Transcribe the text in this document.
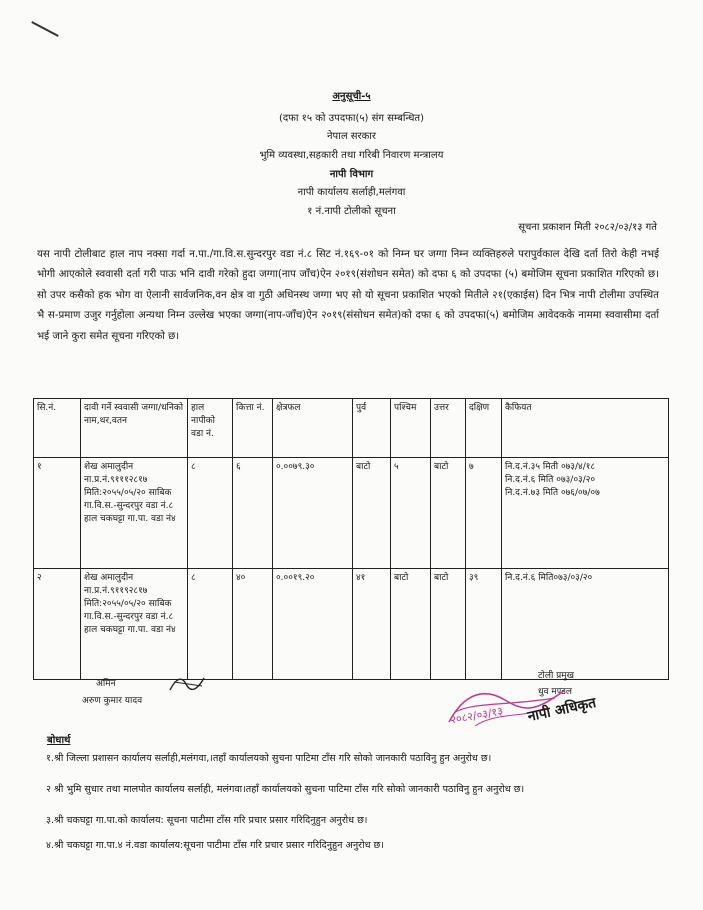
अनुसूची-५
(दफा १५ को उपदफा(५) संग सम्बन्धित)
नेपाल सरकार
भुमि व्यवस्था,सहकारी तथा गरिबी निवारण मन्त्रालय
नापी विभाग
नापी कार्यालय सर्लाही,मलंगवा
१ नं.नापी टोलीको सूचना
सूचना प्रकाशन मिती २०८२/०३/१३ गते
यस नापी टोलीबाट हाल नाप नक्सा गर्दा न.पा./गा.वि.स.सुन्दरपुर वडा नं.८ सिट नं.१६९-०१ को निम्न घर जग्गा निम्न व्यक्तिहरुले परापुर्वकाल देखि दर्ता तिरो केही नभई भोगी आएकोले स्ववासी दर्ता गरी पाऊ भनि दावी गरेको हुदा जग्गा(नाप जाँच)ऐन २०१९(संशोधन समेत) को दफा ६ को उपदफा (५) बमोजिम सूचना प्रकाशित गरिएको छ।सो उपर कसैको हक भोग वा ऐलानी सार्वजनिक,वन क्षेत्र वा गुठी अधिनस्थ जग्गा भए सो यो सूचना प्रकाशित भएको मितीले २१(एकाईस) दिन भित्र नापी टोलीमा उपस्थित भै स-प्रमाण उजुर गर्नुहोला अन्यथा निम्न उल्लेख भएका जग्गा(नाप-जाँच)ऐन २०१९(संसोधन समेत)को दफा ६ को उपदफा(५) बमोजिम आवेदकके नाममा स्ववासीमा दर्ता भई जाने कुरा समेत सूचना गरिएको छ।
सि.नं.	दावी गर्ने स्ववासी जग्गा/धनिको नाम,थर,वतन	हाल नापीको वडा नं.	कित्ता नं.	क्षेत्रफल	पुर्व	पश्चिम	उत्तर	दक्षिण	कैफियत
१	शेख अमालुदीन ना.प्र.नं.९१११२८१७ मिति:२०५५/०५/२० साबिक गा.वि.स.-सुन्दरपुर वडा नं.८ हाल चकघट्टा गा.पा. वडा नं४	८	६	०.००७९.३०	बाटो	५	बाटो	७	नि.द.नं.३५ मिती ०७३/४/१८
नि.द.नं.६ मिति ०७३/०३/२०
नि.द.नं.७३ मिति ०७६/०७/०७

२	शेख अमालुदीन ना.प्र.नं.९११९२८१७ मिति:२०५५/०५/२० साबिक गा.वि.स.-सुन्दरपुर वडा नं.८ हाल चकघट्टा गा.पा. वडा नं४	८	४०	०.००१९.२०	४१	बाटो	बाटो	३९	नि.द.नं.६ मिति०७३/०३/२०
अमिन
अरुण कुमार यादव
टोली प्रमुख
धुव मण्डल
२०८२/०३/१३ नापी अधिकृत
बोधार्थ
१.श्री जिल्ला प्रशासन कार्यालय सर्लाही,मलंगवा,।तहाँ कार्यालयको सुचना पाटिमा टाँस गरि सोको जानकारी पठाविनु हुन अनुरोध छ।
२ श्री भुमि सुधार तथा मालपोत कार्यालय सर्लाही, मलंगवा।तहाँ कार्यालयको सुचना पाटिमा टाँस गरि सोको जानकारी पठाविनु हुन अनुरोध छ।
३.श्री चकघट्टा गा.पा.को कार्यालय: सूचना पाटीमा टाँस गरि प्रचार प्रसार गरिदिनुहुन अनुरोध छ।
४.श्री चकघट्टा गा.पा.४ नं.वडा कार्यालय:सूचना पाटीमा टाँस गरि प्रचार प्रसार गरिदिनुहुन अनुरोध छ।
